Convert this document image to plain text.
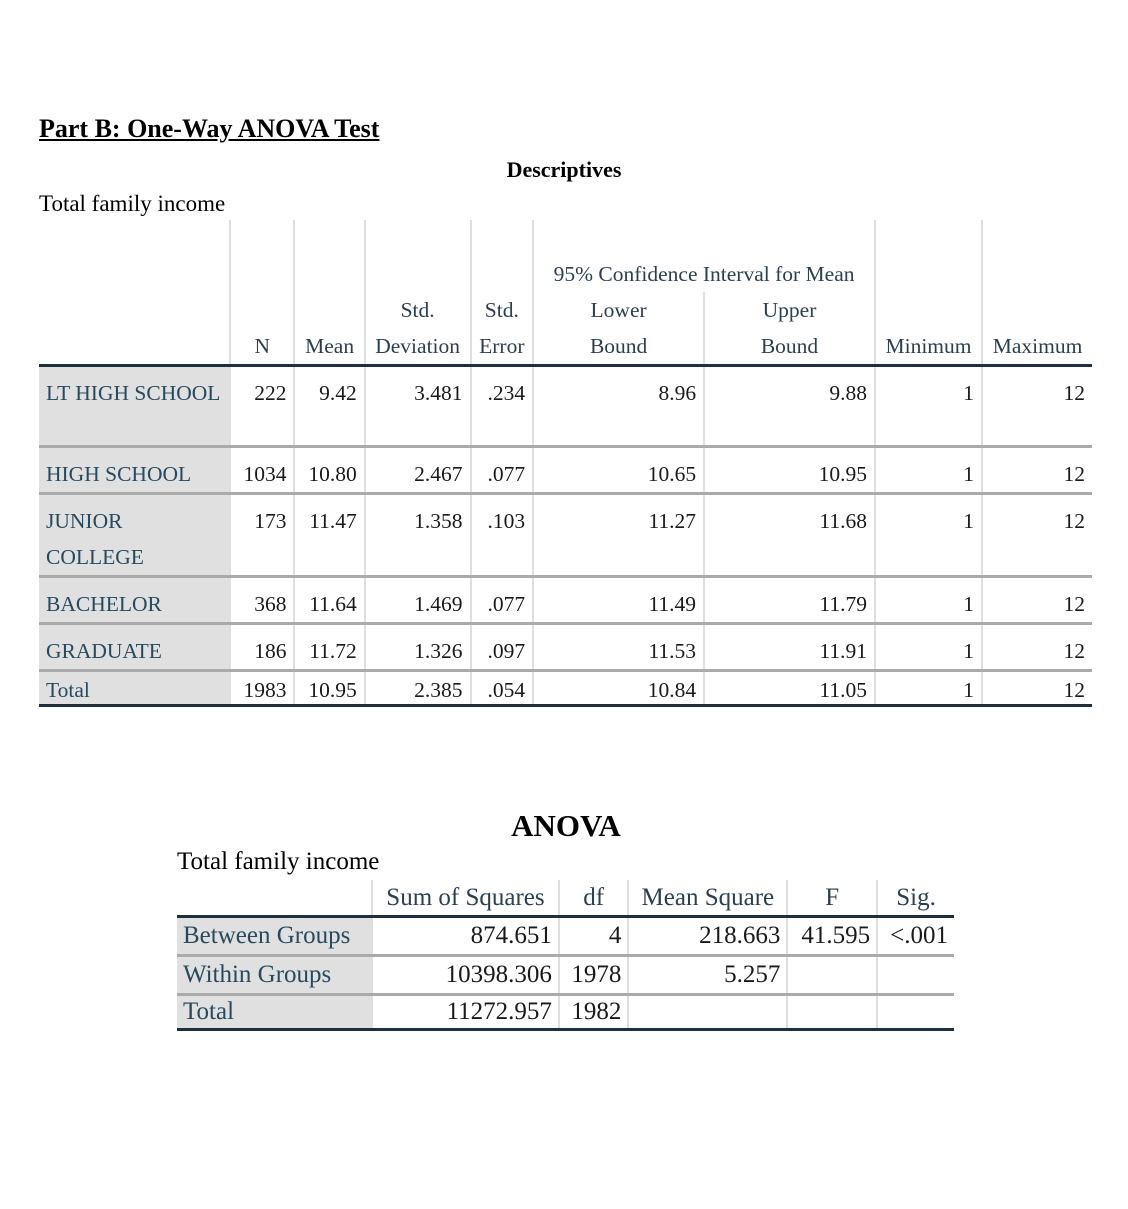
Part B: One-Way ANOVA Test
Descriptives
Total family income
					95% Confidence Interval for Mean			

			Std.	Std.	Lower	Upper		
	N	Mean	Deviation	Error	Bound	Bound	Minimum	Maximum
LT HIGH SCHOOL	222	9.42	3.481	.234	8.96	9.88	1	12
HIGH SCHOOL	1034	10.80	2.467	.077	10.65	10.95	1	12
JUNIOR COLLEGE	173	11.47	1.358	.103	11.27	11.68	1	12
BACHELOR	368	11.64	1.469	.077	11.49	11.79	1	12
GRADUATE	186	11.72	1.326	.097	11.53	11.91	1	12
Total	1983	10.95	2.385	.054	10.84	11.05	1	12
ANOVA
Total family income
	Sum of Squares	df	Mean Square	F	Sig.
Between Groups	874.651	4	218.663	41.595	<.001
Within Groups	10398.306	1978	5.257		
Total	11272.957	1982			
